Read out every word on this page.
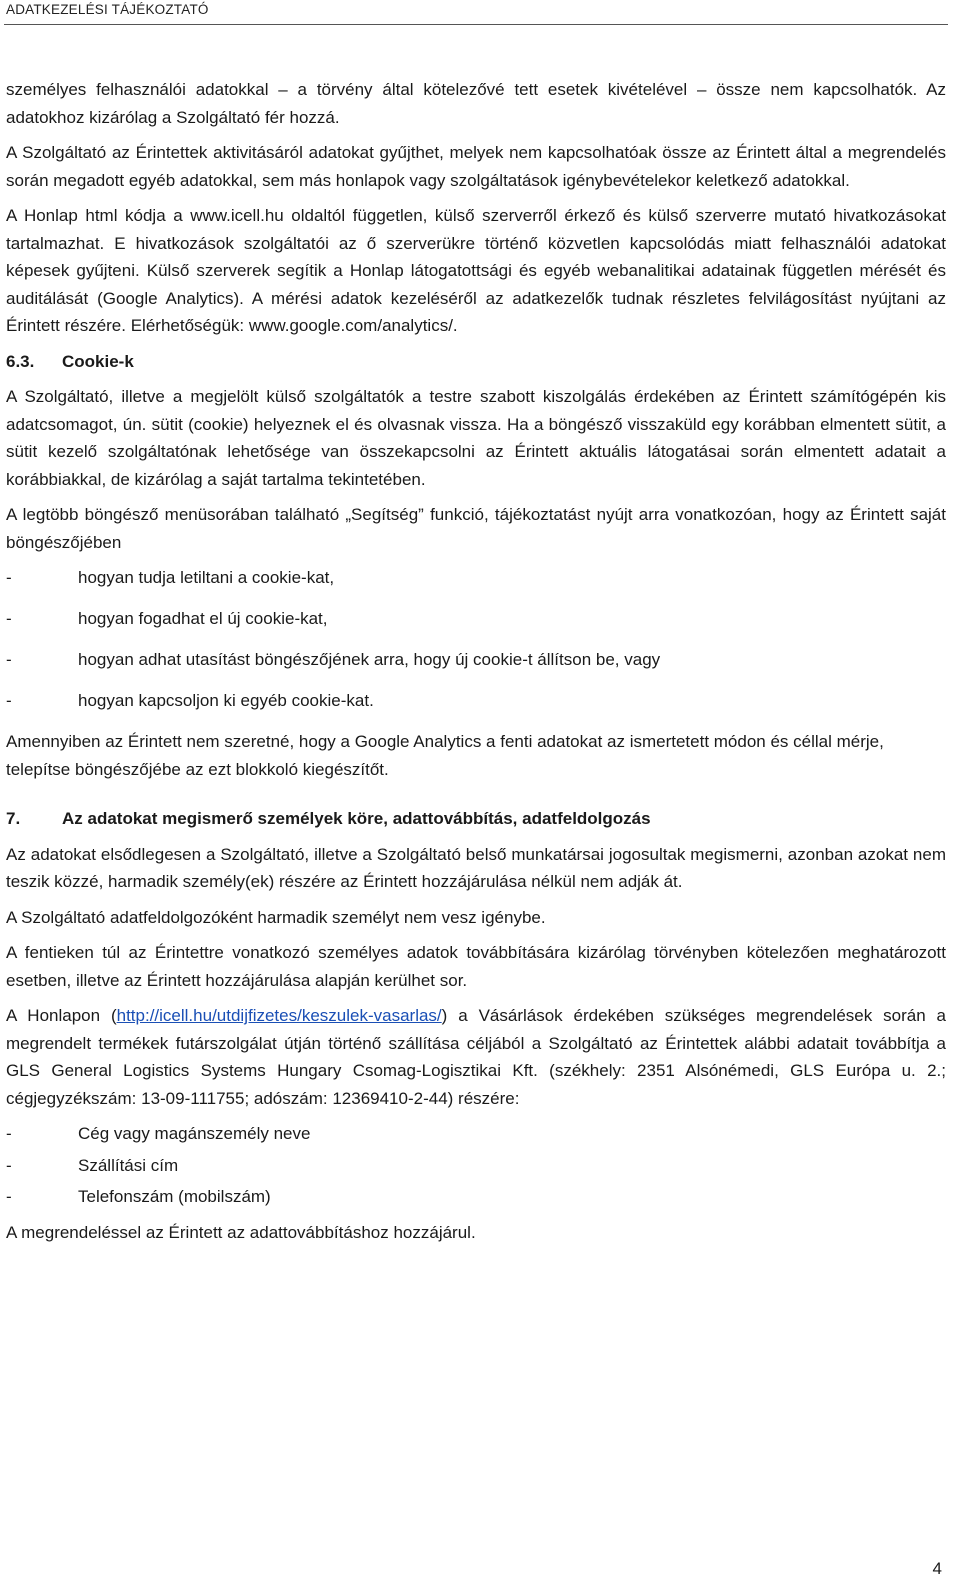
ADATKEZELÉSI TÁJÉKOZTATÓ

személyes felhasználói adatokkal – a törvény által kötelezővé tett esetek kivételével – össze nem kapcsolhatók. Az adatokhoz kizárólag a Szolgáltató fér hozzá.

A Szolgáltató az Érintettek aktivitásáról adatokat gyűjthet, melyek nem kapcsolhatóak össze az Érintett által a megrendelés során megadott egyéb adatokkal, sem más honlapok vagy szolgáltatások igénybevételekor keletkező adatokkal.

A Honlap html kódja a www.icell.hu oldaltól független, külső szerverről érkező és külső szerverre mutató hivatkozásokat tartalmazhat. E hivatkozások szolgáltatói az ő szerverükre történő közvetlen kapcsolódás miatt felhasználói adatokat képesek gyűjteni. Külső szerverek segítik a Honlap látogatottsági és egyéb webanalitikai adatainak független mérését és auditálását (Google Analytics). A mérési adatok kezeléséről az adatkezelők tudnak részletes felvilágosítást nyújtani az Érintett részére. Elérhetőségük: www.google.com/analytics/.

6.3.	Cookie-k

A Szolgáltató, illetve a megjelölt külső szolgáltatók a testre szabott kiszolgálás érdekében az Érintett számítógépén kis adatcsomagot, ún. sütit (cookie) helyeznek el és olvasnak vissza. Ha a böngésző visszaküld egy korábban elmentett sütit, a sütit kezelő szolgáltatónak lehetősége van összekapcsolni az Érintett aktuális látogatásai során elmentett adatait a korábbiakkal, de kizárólag a saját tartalma tekintetében.

A legtöbb böngésző menüsorában található „Segítség” funkció, tájékoztatást nyújt arra vonatkozóan, hogy az Érintett saját böngészőjében

-	hogyan tudja letiltani a cookie-kat,
-	hogyan fogadhat el új cookie-kat,
-	hogyan adhat utasítást böngészőjének arra, hogy új cookie-t állítson be, vagy
-	hogyan kapcsoljon ki egyéb cookie-kat.

Amennyiben az Érintett nem szeretné, hogy a Google Analytics a fenti adatokat az ismertetett módon és céllal mérje, telepítse böngészőjébe az ezt blokkoló kiegészítőt.

7.	Az adatokat megismerő személyek köre, adattovábbítás, adatfeldolgozás

Az adatokat elsődlegesen a Szolgáltató, illetve a Szolgáltató belső munkatársai jogosultak megismerni, azonban azokat nem teszik közzé, harmadik személy(ek) részére az Érintett hozzájárulása nélkül nem adják át.

A Szolgáltató adatfeldolgozóként harmadik személyt nem vesz igénybe.

A fentieken túl az Érintettre vonatkozó személyes adatok továbbítására kizárólag törvényben kötelezően meghatározott esetben, illetve az Érintett hozzájárulása alapján kerülhet sor.

A Honlapon (http://icell.hu/utdijfizetes/keszulek-vasarlas/) a Vásárlások érdekében szükséges megrendelések során a megrendelt termékek futárszolgálat útján történő szállítása céljából a Szolgáltató az Érintettek alábbi adatait továbbítja a GLS General Logistics Systems Hungary Csomag-Logisztikai Kft. (székhely: 2351 Alsónémedi, GLS Európa u. 2.; cégjegyzékszám: 13-09-111755; adószám: 12369410-2-44) részére:

-	Cég vagy magánszemély neve
-	Szállítási cím
-	Telefonszám (mobilszám)

A megrendeléssel az Érintett az adattovábbításhoz hozzájárul.

4
